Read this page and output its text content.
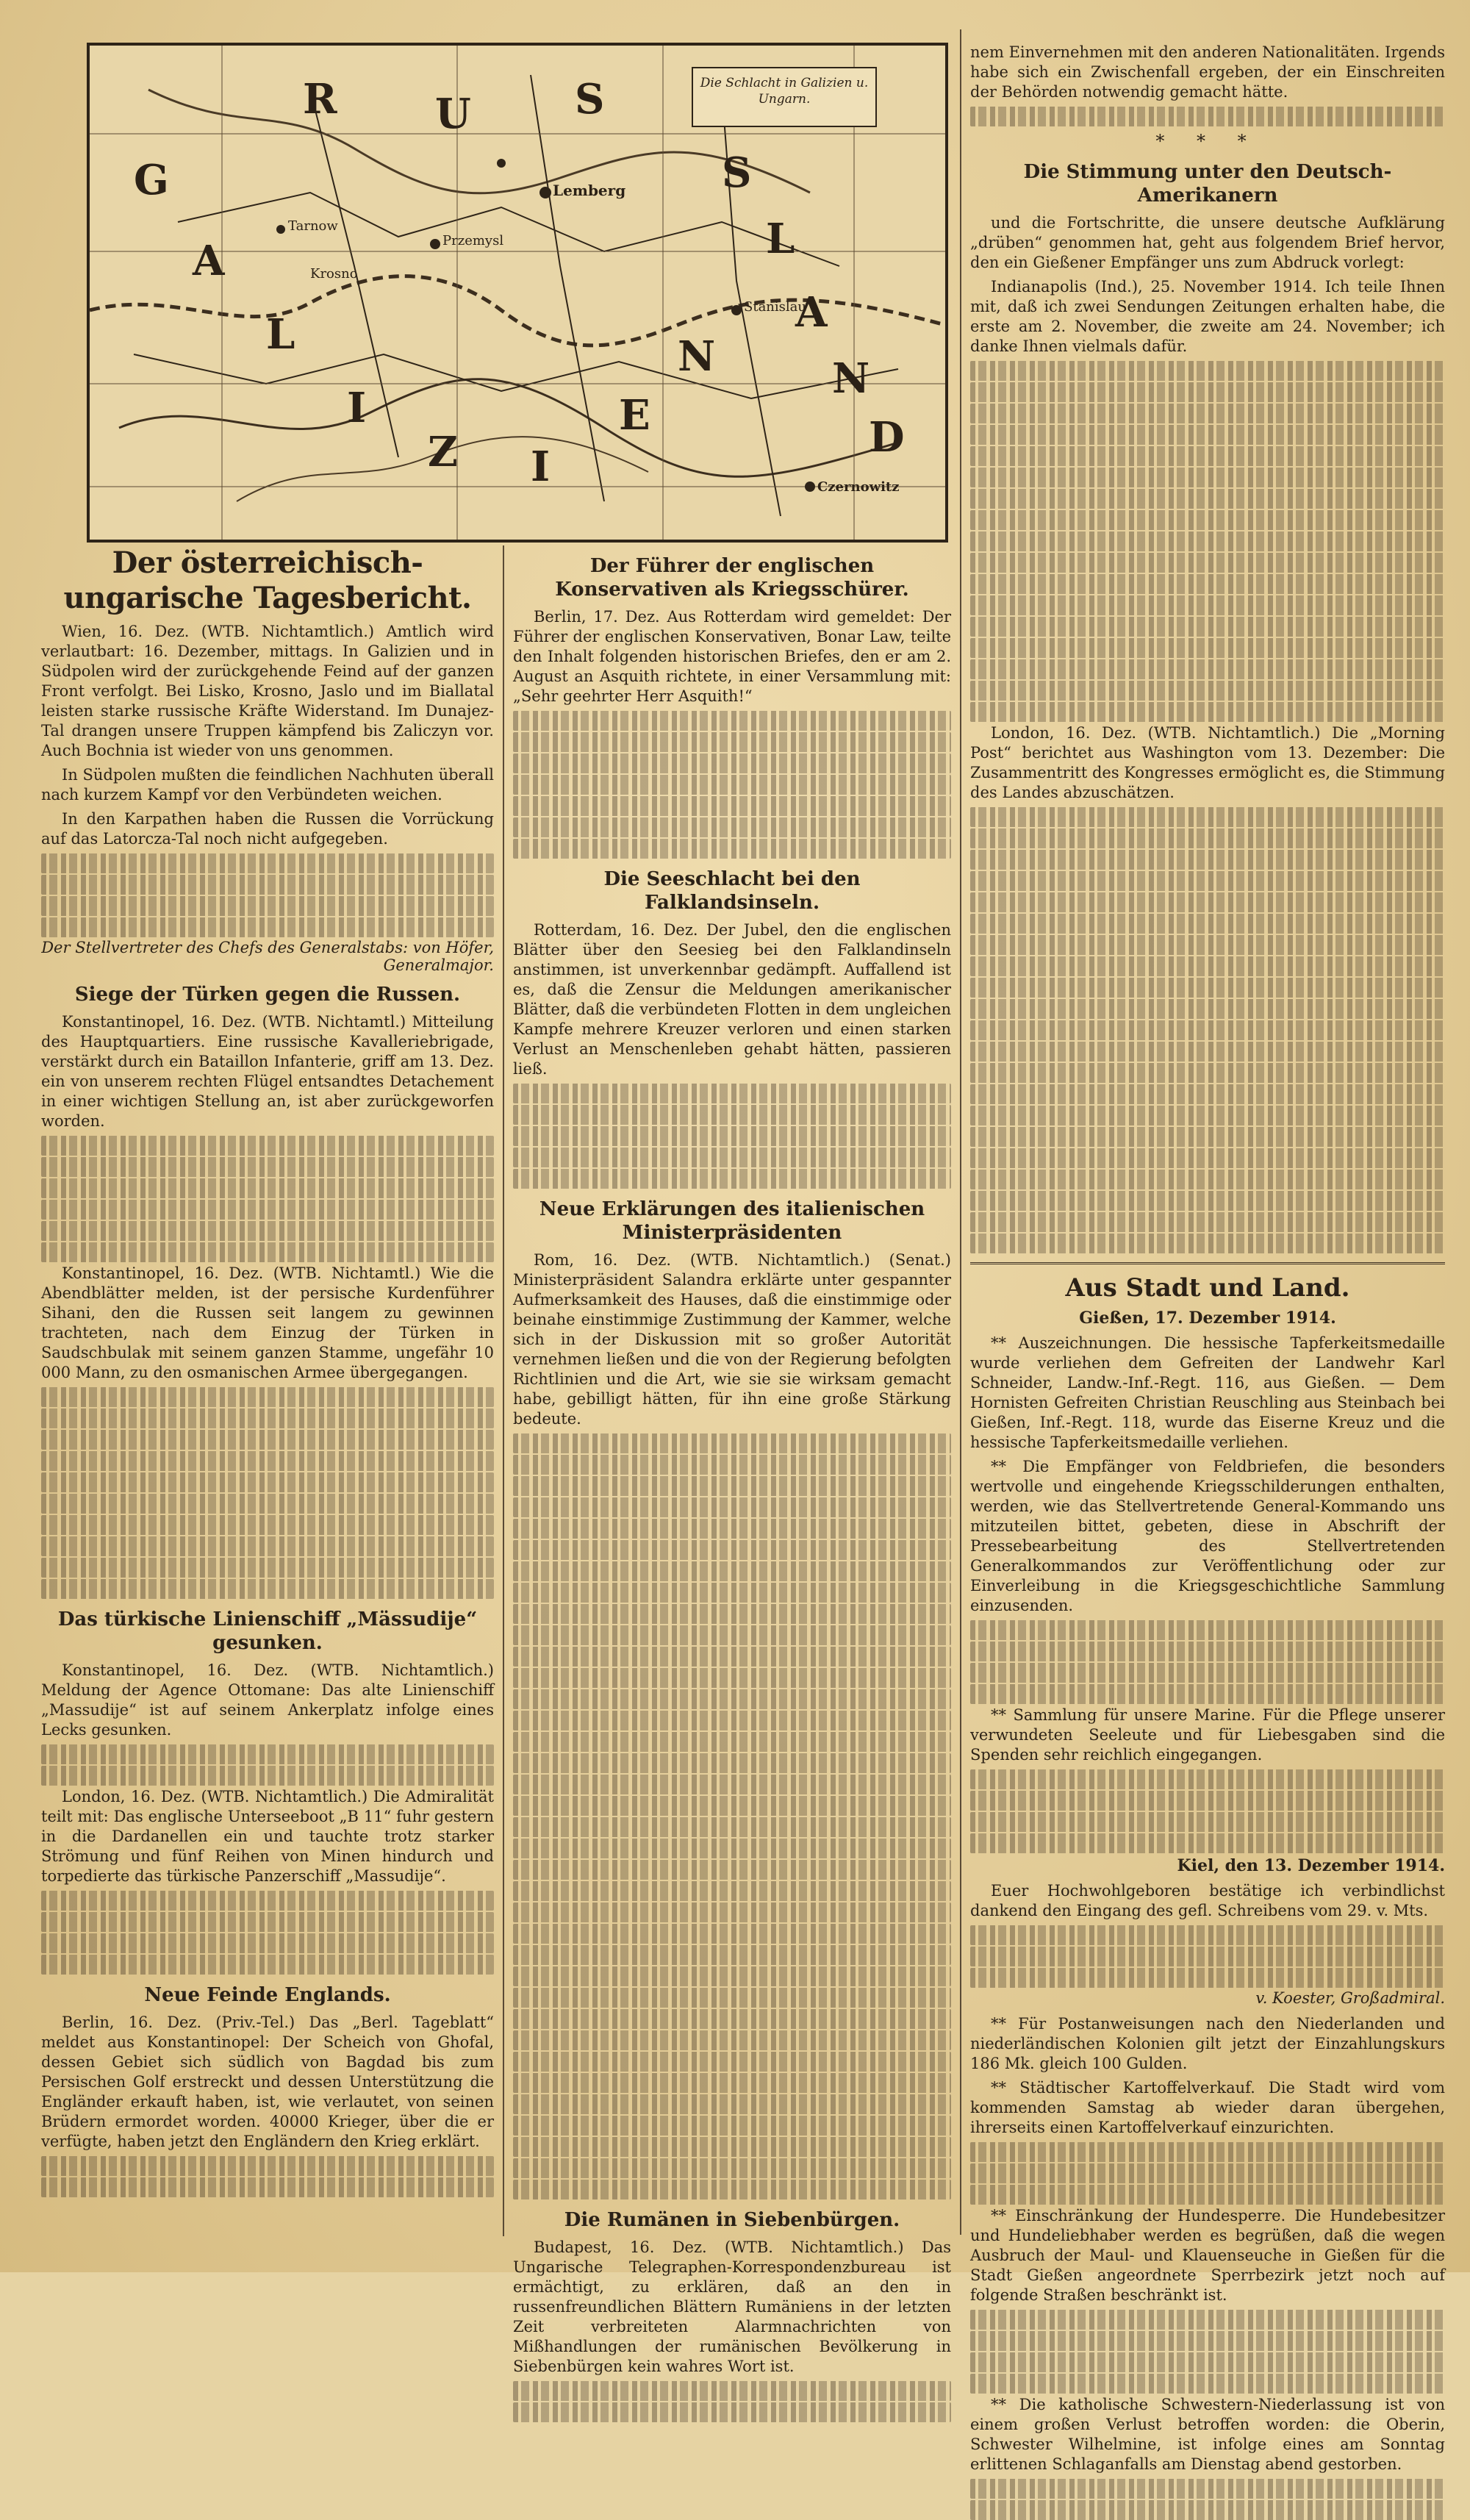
Die Schlacht in Galizien u. Ungarn.
R U	S
S
L
A
N
D
G
A
L
I
Z I
E
N
Krosno
Lemberg
Przemysl
Tarnow
Stanislau
Czernowitz
Der österreichisch-ungarische Tagesbericht.

Wien, 16. Dez. (WTB. Nichtamtlich.) Amtlich wird verlautbart: 16. Dezember, mittags. In Galizien und in Südpolen wird der zurückgehende Feind auf der ganzen Front verfolgt. Bei Lisko, Krosno, Jaslo und im Biallatal leisten starke russische Kräfte Widerstand. Im Dunajez-Tal drangen unsere Truppen kämpfend bis Zaliczyn vor. Auch Bochnia ist wieder von uns genommen.

In Südpolen mußten die feindlichen Nachhuten überall nach kurzem Kampf vor den Verbündeten weichen.

In den Karpathen haben die Russen die Vorrückung auf das Latorcza-Tal noch nicht aufgegeben.

Der Stellvertreter des Chefs des Generalstabs: von Höfer, Generalmajor.

Siege der Türken gegen die Russen.

Konstantinopel, 16. Dez. (WTB. Nichtamtl.) Mitteilung des Hauptquartiers. Eine russische Kavalleriebrigade, verstärkt durch ein Bataillon Infanterie, griff am 13. Dez. ein von unserem rechten Flügel entsandtes Detachement in einer wichtigen Stellung an, ist aber zurückgeworfen worden.

Konstantinopel, 16. Dez. (WTB. Nichtamtl.) Wie die Abendblätter melden, ist der persische Kurdenführer Sihani, den die Russen seit langem zu gewinnen trachteten, nach dem Einzug der Türken in Saudschbulak mit seinem ganzen Stamme, ungefähr 10 000 Mann, zu den osmanischen Armee übergegangen.

Das türkische Linienschiff „Mässudije“ gesunken.

Konstantinopel, 16. Dez. (WTB. Nichtamtlich.) Meldung der Agence Ottomane: Das alte Linienschiff „Massudije“ ist auf seinem Ankerplatz infolge eines Lecks gesunken.

London, 16. Dez. (WTB. Nichtamtlich.) Die Admiralität teilt mit: Das englische Unterseeboot „B 11“ fuhr gestern in die Dardanellen ein und tauchte trotz starker Strömung und fünf Reihen von Minen hindurch und torpedierte das türkische Panzerschiff „Massudije“.

Neue Feinde Englands.

Berlin, 16. Dez. (Priv.-Tel.) Das „Berl. Tageblatt“ meldet aus Konstantinopel: Der Scheich von Ghofal, dessen Gebiet sich südlich von Bagdad bis zum Persischen Golf erstreckt und dessen Unterstützung die Engländer erkauft haben, ist, wie verlautet, von seinen Brüdern ermordet worden. 40000 Krieger, über die er verfügte, haben jetzt den Engländern den Krieg erklärt.

Der Führer der englischen Konservativen als Kriegsschürer.

Berlin, 17. Dez. Aus Rotterdam wird gemeldet: Der Führer der englischen Konservativen, Bonar Law, teilte den Inhalt folgenden historischen Briefes, den er am 2. August an Asquith richtete, in einer Versammlung mit: „Sehr geehrter Herr Asquith!“

Die Seeschlacht bei den Falklandsinseln.

Rotterdam, 16. Dez. Der Jubel, den die englischen Blätter über den Seesieg bei den Falklandinseln anstimmen, ist unverkennbar gedämpft. Auffallend ist es, daß die Zensur die Meldungen amerikanischer Blätter, daß die verbündeten Flotten in dem ungleichen Kampfe mehrere Kreuzer verloren und einen starken Verlust an Menschenleben gehabt hätten, passieren ließ.

Neue Erklärungen des italienischen Ministerpräsidenten

Rom, 16. Dez. (WTB. Nichtamtlich.) (Senat.) Ministerpräsident Salandra erklärte unter gespannter Aufmerksamkeit des Hauses, daß die einstimmige oder beinahe einstimmige Zustimmung der Kammer, welche sich in der Diskussion mit so großer Autorität vernehmen ließen und die von der Regierung befolgten Richtlinien und die Art, wie sie sie wirksam gemacht habe, gebilligt hätten, für ihn eine große Stärkung bedeute.

Die Rumänen in Siebenbürgen.

Budapest, 16. Dez. (WTB. Nichtamtlich.) Das Ungarische Telegraphen-Korrespondenzbureau ist ermächtigt, zu erklären, daß an den in russenfreundlichen Blättern Rumäniens in der letzten Zeit verbreiteten Alarmnachrichten von Mißhandlungen der rumänischen Bevölkerung in Siebenbürgen kein wahres Wort ist.

nem Einvernehmen mit den anderen Nationalitäten. Irgends habe sich ein Zwischenfall ergeben, der ein Einschreiten der Behörden notwendig gemacht hätte.

* * *
Die Stimmung unter den Deutsch-Amerikanern

und die Fortschritte, die unsere deutsche Aufklärung „drüben“ genommen hat, geht aus folgendem Brief hervor, den ein Gießener Empfänger uns zum Abdruck vorlegt:

Indianapolis (Ind.), 25. November 1914. Ich teile Ihnen mit, daß ich zwei Sendungen Zeitungen erhalten habe, die erste am 2. November, die zweite am 24. November; ich danke Ihnen vielmals dafür.

London, 16. Dez. (WTB. Nichtamtlich.) Die „Morning Post“ berichtet aus Washington vom 13. Dezember: Die Zusammentritt des Kongresses ermöglicht es, die Stimmung des Landes abzuschätzen.

Aus Stadt und Land.
Gießen, 17. Dezember 1914.

** Auszeichnungen. Die hessische Tapferkeitsmedaille wurde verliehen dem Gefreiten der Landwehr Karl Schneider, Landw.-Inf.-Regt. 116, aus Gießen. — Dem Hornisten Gefreiten Christian Reuschling aus Steinbach bei Gießen, Inf.-Regt. 118, wurde das Eiserne Kreuz und die hessische Tapferkeitsmedaille verliehen.

** Die Empfänger von Feldbriefen, die besonders wertvolle und eingehende Kriegsschilderungen enthalten, werden, wie das Stellvertretende General-Kommando uns mitzuteilen bittet, gebeten, diese in Abschrift der Pressebearbeitung des Stellvertretenden Generalkommandos zur Veröffentlichung oder zur Einverleibung in die Kriegsgeschichtliche Sammlung einzusenden.

** Sammlung für unsere Marine. Für die Pflege unserer verwundeten Seeleute und für Liebesgaben sind die Spenden sehr reichlich eingegangen.

Kiel, den 13. Dezember 1914.

Euer Hochwohlgeboren bestätige ich verbindlichst dankend den Eingang des gefl. Schreibens vom 29. v. Mts.

v. Koester, Großadmiral.

** Für Postanweisungen nach den Niederlanden und niederländischen Kolonien gilt jetzt der Einzahlungskurs 186 Mk. gleich 100 Gulden.

** Städtischer Kartoffelverkauf. Die Stadt wird vom kommenden Samstag ab wieder daran übergehen, ihrerseits einen Kartoffelverkauf einzurichten.

** Einschränkung der Hundesperre. Die Hundebesitzer und Hundeliebhaber werden es begrüßen, daß die wegen Ausbruch der Maul- und Klauenseuche in Gießen für die Stadt Gießen angeordnete Sperrbezirk jetzt noch auf folgende Straßen beschränkt ist.

** Die katholische Schwestern-Niederlassung ist von einem großen Verlust betroffen worden: die Oberin, Schwester Wilhelmine, ist infolge eines am Sonntag erlittenen Schlaganfalls am Dienstag abend gestorben.
